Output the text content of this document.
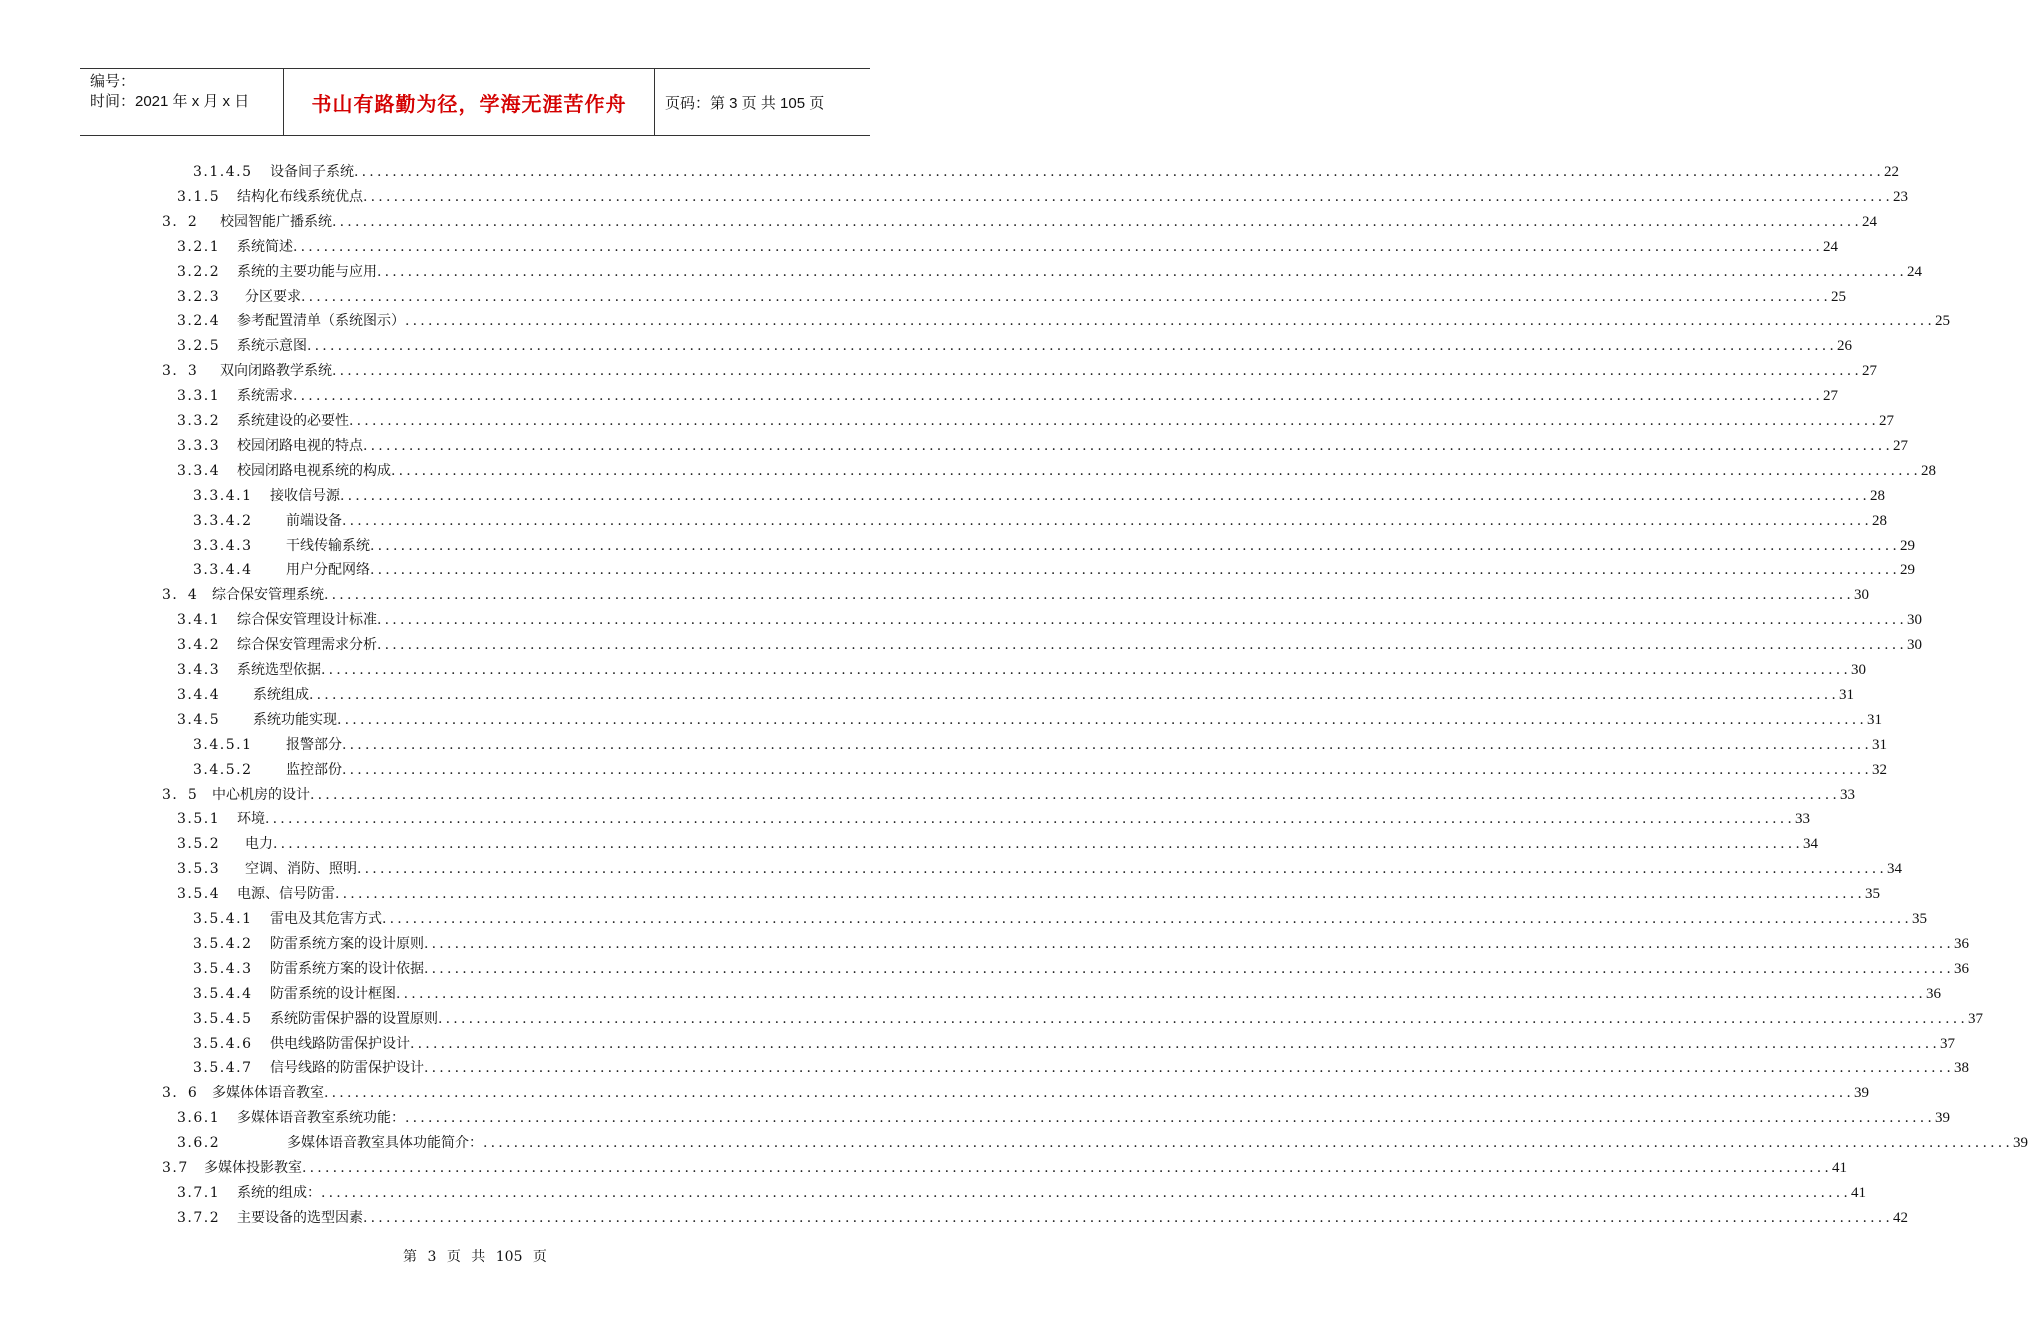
编号：
时间：2021 年 x 月 x 日	书山有路勤为径，学海无涯苦作舟	页码：第 3 页 共 105 页
3.1.4.5	设备间子系统 ........................................................................................................................................................................................................ 22
3.1.5	结构化布线系统优点 ........................................................................................................................................................................................................ 23
3．2	校园智能广播系统 ........................................................................................................................................................................................................ 24
3.2.1	系统简述 ........................................................................................................................................................................................................ 24
3.2.2	系统的主要功能与应用 ........................................................................................................................................................................................................ 24
3.2.3	分区要求 ........................................................................................................................................................................................................ 25
3.2.4	参考配置清单（系统图示） ........................................................................................................................................................................................................ 25
3.2.5	系统示意图 ........................................................................................................................................................................................................ 26
3．3	双向闭路教学系统 ........................................................................................................................................................................................................ 27
3.3.1	系统需求 ........................................................................................................................................................................................................ 27
3.3.2	系统建设的必要性 ........................................................................................................................................................................................................ 27
3.3.3	校园闭路电视的特点 ........................................................................................................................................................................................................ 27
3.3.4	校园闭路电视系统的构成 ........................................................................................................................................................................................................ 28
3.3.4.1	接收信号源 ........................................................................................................................................................................................................ 28
3.3.4.2	前端设备 ........................................................................................................................................................................................................ 28
3.3.4.3	干线传输系统 ........................................................................................................................................................................................................ 29
3.3.4.4	用户分配网络 ........................................................................................................................................................................................................ 29
3．4 综合保安管理系统 ........................................................................................................................................................................................................ 30
3.4.1	综合保安管理设计标准 ........................................................................................................................................................................................................ 30
3.4.2	综合保安管理需求分析 ........................................................................................................................................................................................................ 30
3.4.3	系统选型依据 ........................................................................................................................................................................................................ 30
3.4.4	系统组成 ........................................................................................................................................................................................................ 31
3.4.5	系统功能实现 ........................................................................................................................................................................................................ 31
3.4.5.1	报警部分 ........................................................................................................................................................................................................ 31
3.4.5.2	监控部份 ........................................................................................................................................................................................................ 32
3．5 中心机房的设计 ........................................................................................................................................................................................................ 33
3.5.1	环境 ........................................................................................................................................................................................................ 33
3.5.2	电力 ........................................................................................................................................................................................................ 34
3.5.3	空调、消防、照明 ........................................................................................................................................................................................................ 34
3.5.4	电源、信号防雷 ........................................................................................................................................................................................................ 35
3.5.4.1	雷电及其危害方式 ........................................................................................................................................................................................................ 35
3.5.4.2	防雷系统方案的设计原则 ........................................................................................................................................................................................................ 36
3.5.4.3	防雷系统方案的设计依据 ........................................................................................................................................................................................................ 36
3.5.4.4	防雷系统的设计框图 ........................................................................................................................................................................................................ 36
3.5.4.5	系统防雷保护器的设置原则 ........................................................................................................................................................................................................ 37
3.5.4.6	供电线路防雷保护设计 ........................................................................................................................................................................................................ 37
3.5.4.7	信号线路的防雷保护设计 ........................................................................................................................................................................................................ 38
3．6 多媒体体语音教室 ........................................................................................................................................................................................................ 39
3.6.1	多媒体语音教室系统功能： ........................................................................................................................................................................................................ 39
3.6.2	多媒体语音教室具体功能简介： ........................................................................................................................................................................................................ 39
3.7	多媒体投影教室 ........................................................................................................................................................................................................ 41
3.7.1	系统的组成： ........................................................................................................................................................................................................ 41
3.7.2	主要设备的选型因素 ........................................................................................................................................................................................................ 42
第 3 页 共 105 页
